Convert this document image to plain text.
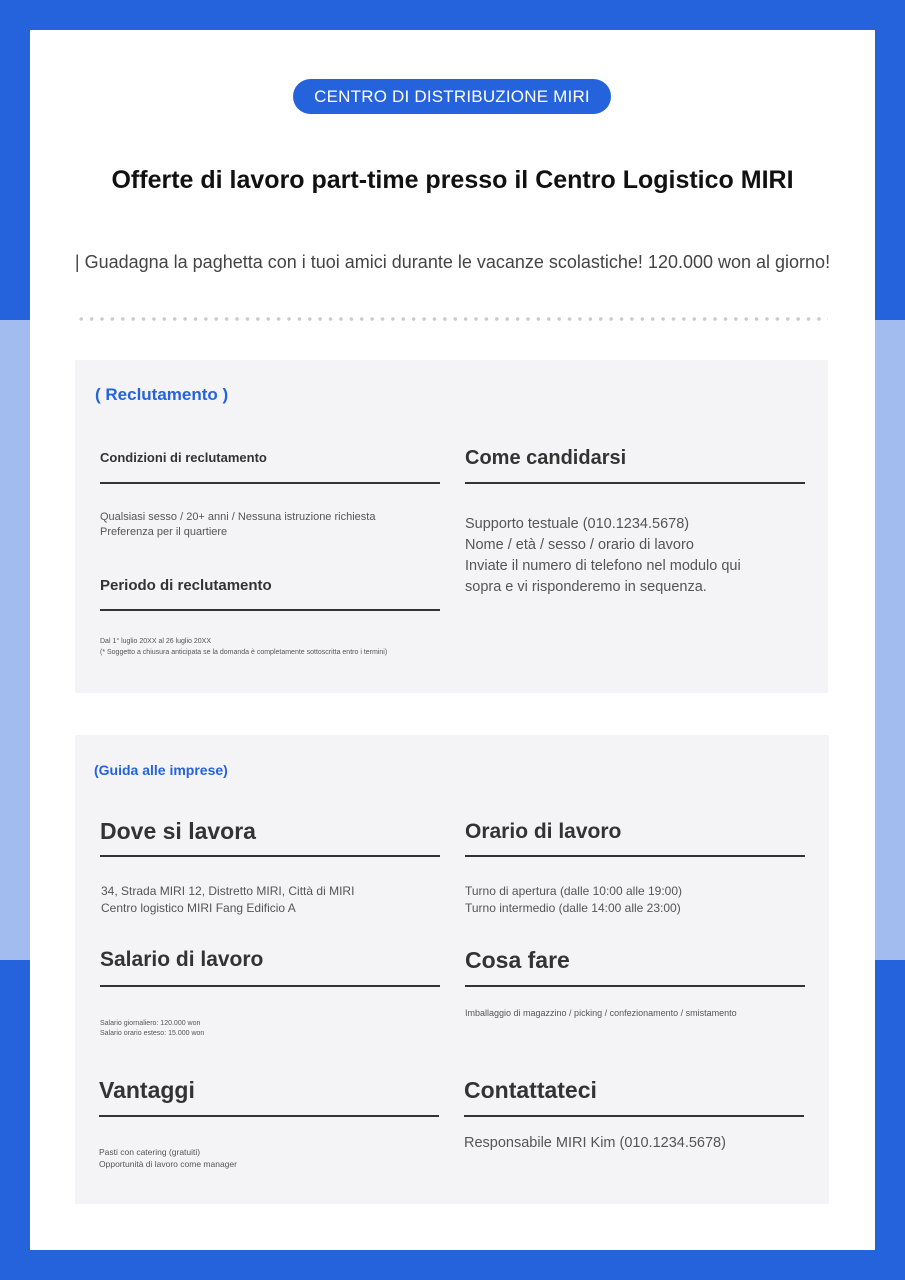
CENTRO DI DISTRIBUZIONE MIRI
Offerte di lavoro part-time presso il Centro Logistico MIRI
| Guadagna la paghetta con i tuoi amici durante le vacanze scolastiche! 120.000 won al giorno!
( Reclutamento )
Condizioni di reclutamento
Qualsiasi sesso / 20+ anni / Nessuna istruzione richiesta
Preferenza per il quartiere
Periodo di reclutamento
Dal 1° luglio 20XX al 26 luglio 20XX
(* Soggetto a chiusura anticipata se la domanda è completamente sottoscritta entro i termini)
Come candidarsi
Supporto testuale (010.1234.5678)
Nome / età / sesso / orario di lavoro
Inviate il numero di telefono nel modulo qui
sopra e vi risponderemo in sequenza.
(Guida alle imprese)
Dove si lavora
34, Strada MIRI 12, Distretto MIRI, Città di MIRI
Centro logistico MIRI Fang Edificio A
Orario di lavoro
Turno di apertura (dalle 10:00 alle 19:00)
Turno intermedio (dalle 14:00 alle 23:00)
Salario di lavoro
Salario giornaliero: 120.000 won
Salario orario esteso: 15.000 won
Cosa fare
Imballaggio di magazzino / picking / confezionamento / smistamento
Vantaggi
Pasti con catering (gratuiti)
Opportunità di lavoro come manager
Contattateci
Responsabile MIRI Kim (010.1234.5678)
